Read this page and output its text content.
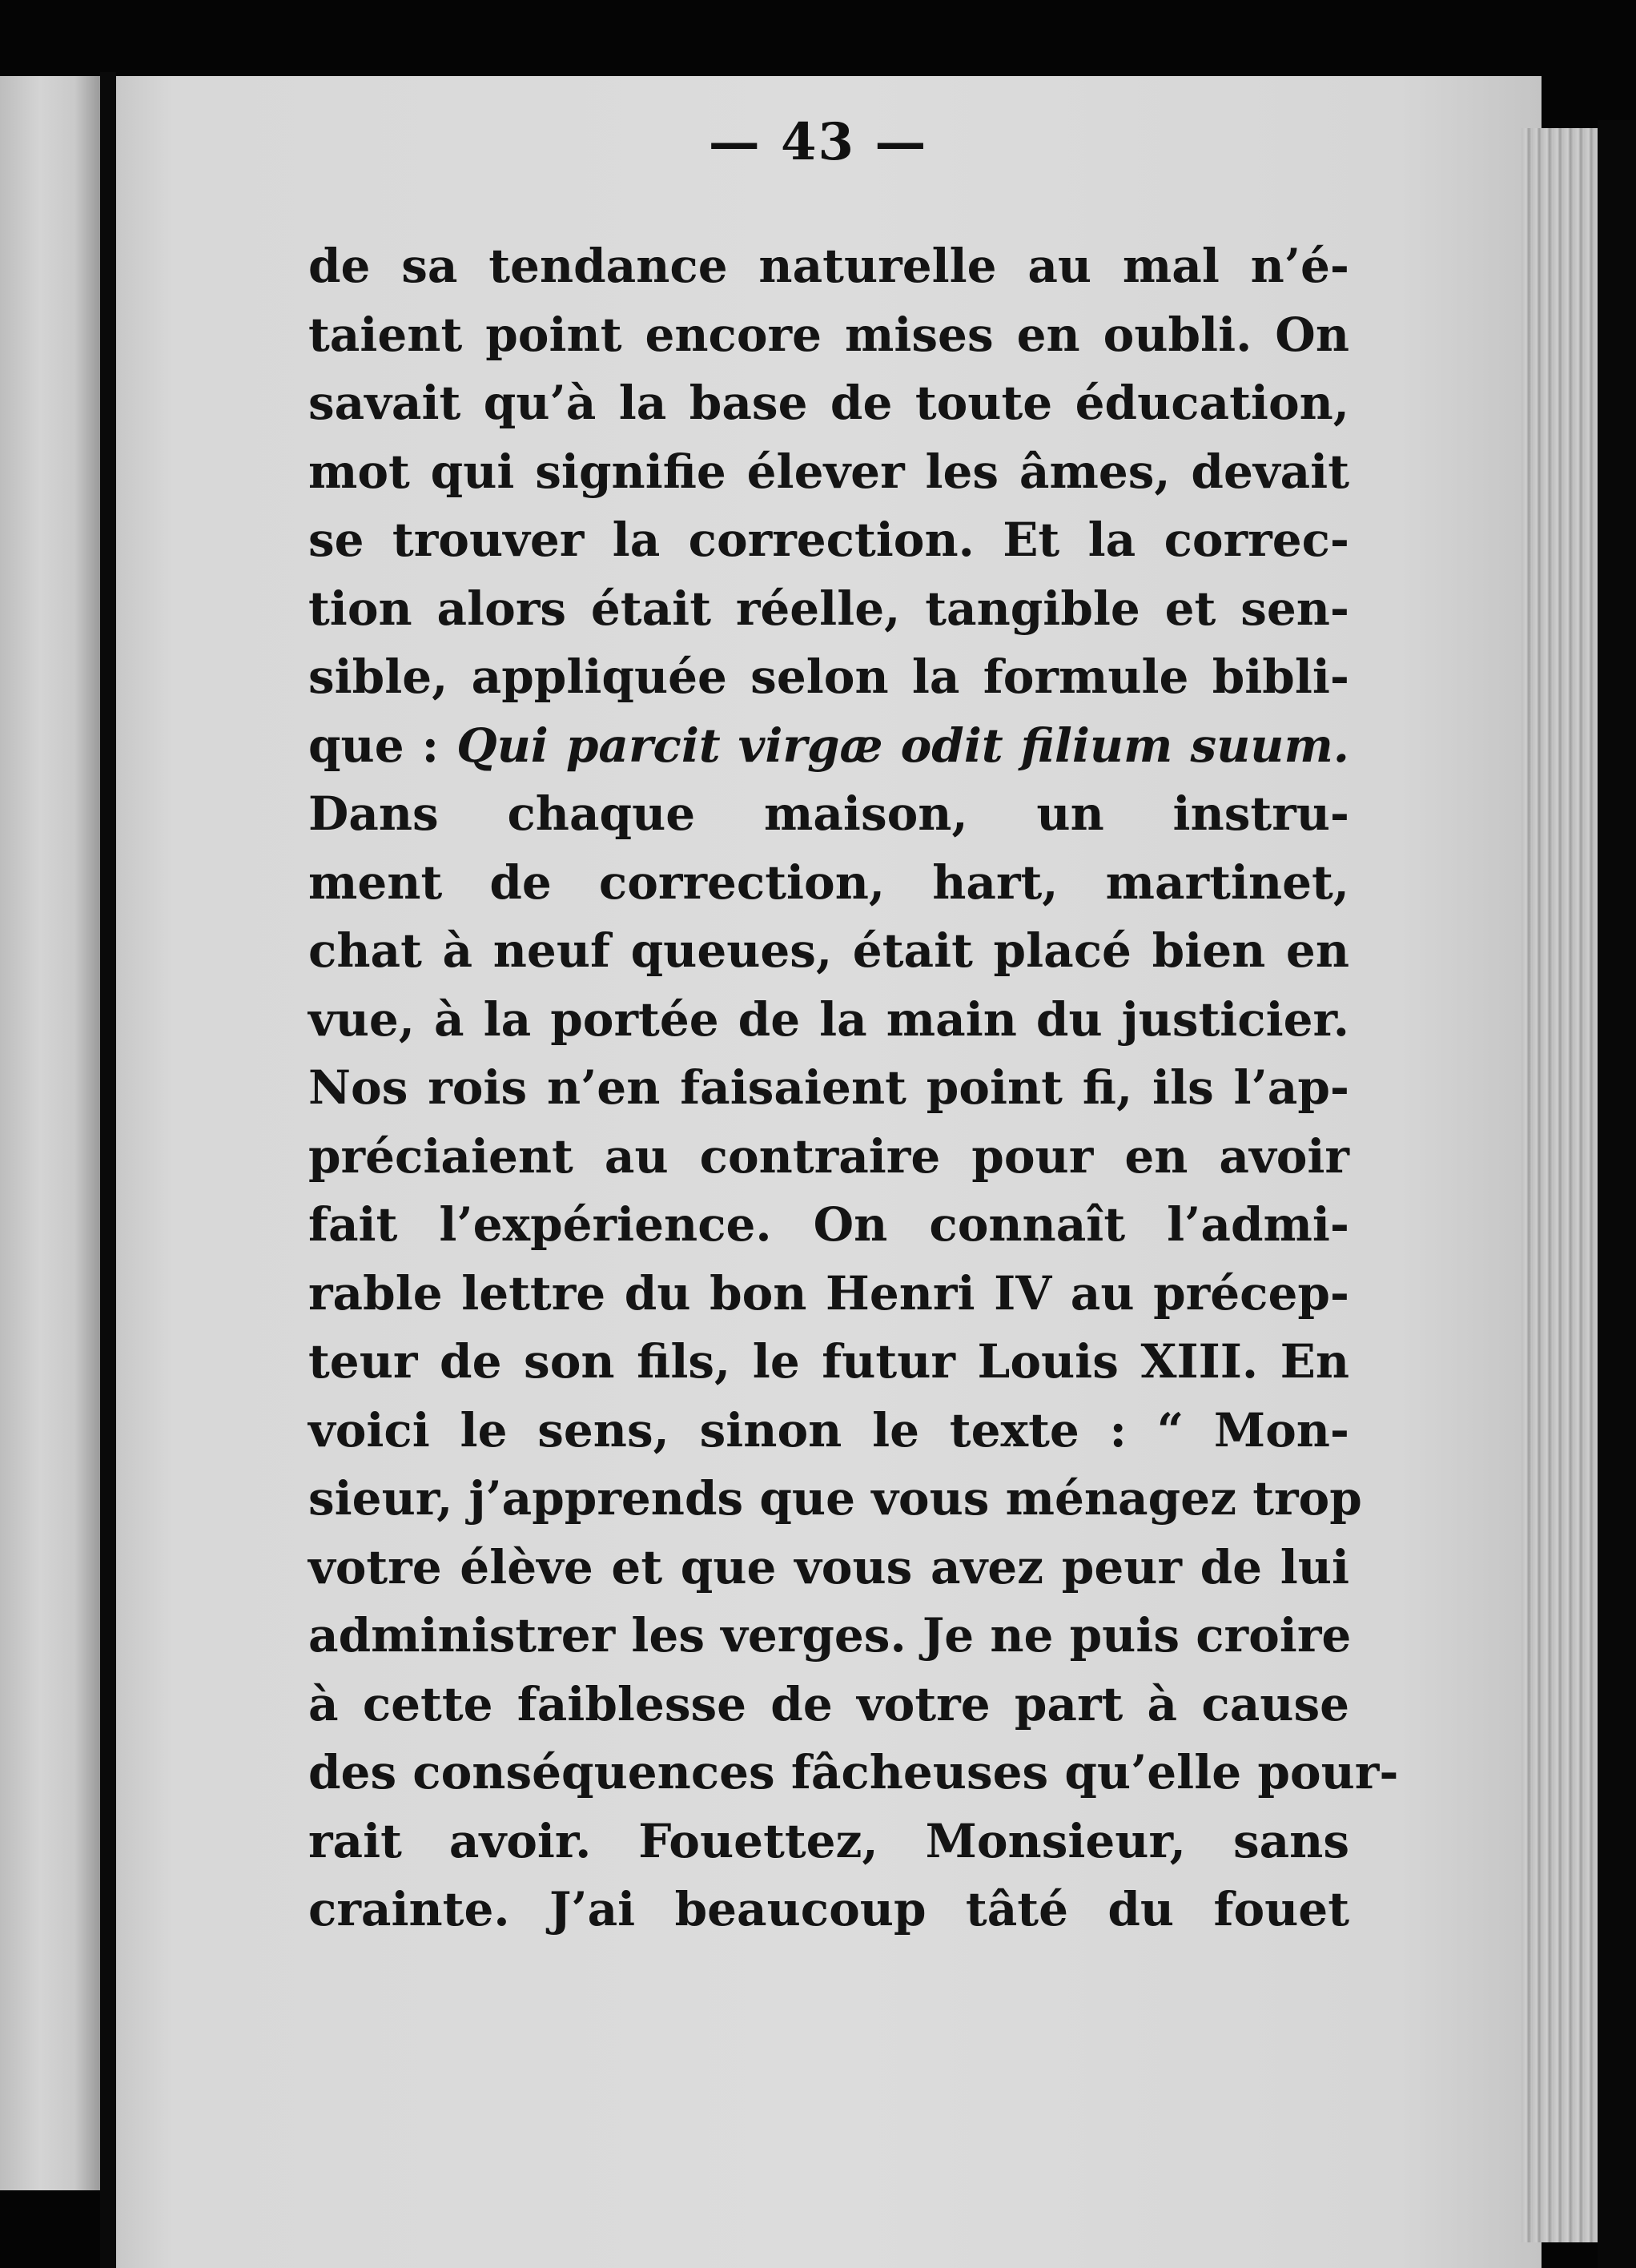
— 43 —
de sa tendance naturelle au mal n’é-
taient point encore mises en oubli. On
savait qu’à la base de toute éducation,
mot qui signifie élever les âmes, devait
se trouver la correction. Et la correc-
tion alors était réelle, tangible et sen-
sible, appliquée selon la formule bibli-
que : Qui parcit virgæ odit filium suum.
Dans chaque maison, un instru-
ment de correction, hart, martinet,
chat à neuf queues, était placé bien en
vue, à la portée de la main du justicier.
Nos rois n’en faisaient point fi, ils l’ap-
préciaient au contraire pour en avoir
fait l’expérience. On connaît l’admi-
rable lettre du bon Henri IV au précep-
teur de son fils, le futur Louis XIII. En
voici le sens, sinon le texte : “ Mon-
sieur, j’apprends que vous ménagez trop
votre élève et que vous avez peur de lui
administrer les verges. Je ne puis croire
à cette faiblesse de votre part à cause
des conséquences fâcheuses qu’elle pour-
rait avoir. Fouettez, Monsieur, sans
crainte. J’ai beaucoup tâté du fouet
